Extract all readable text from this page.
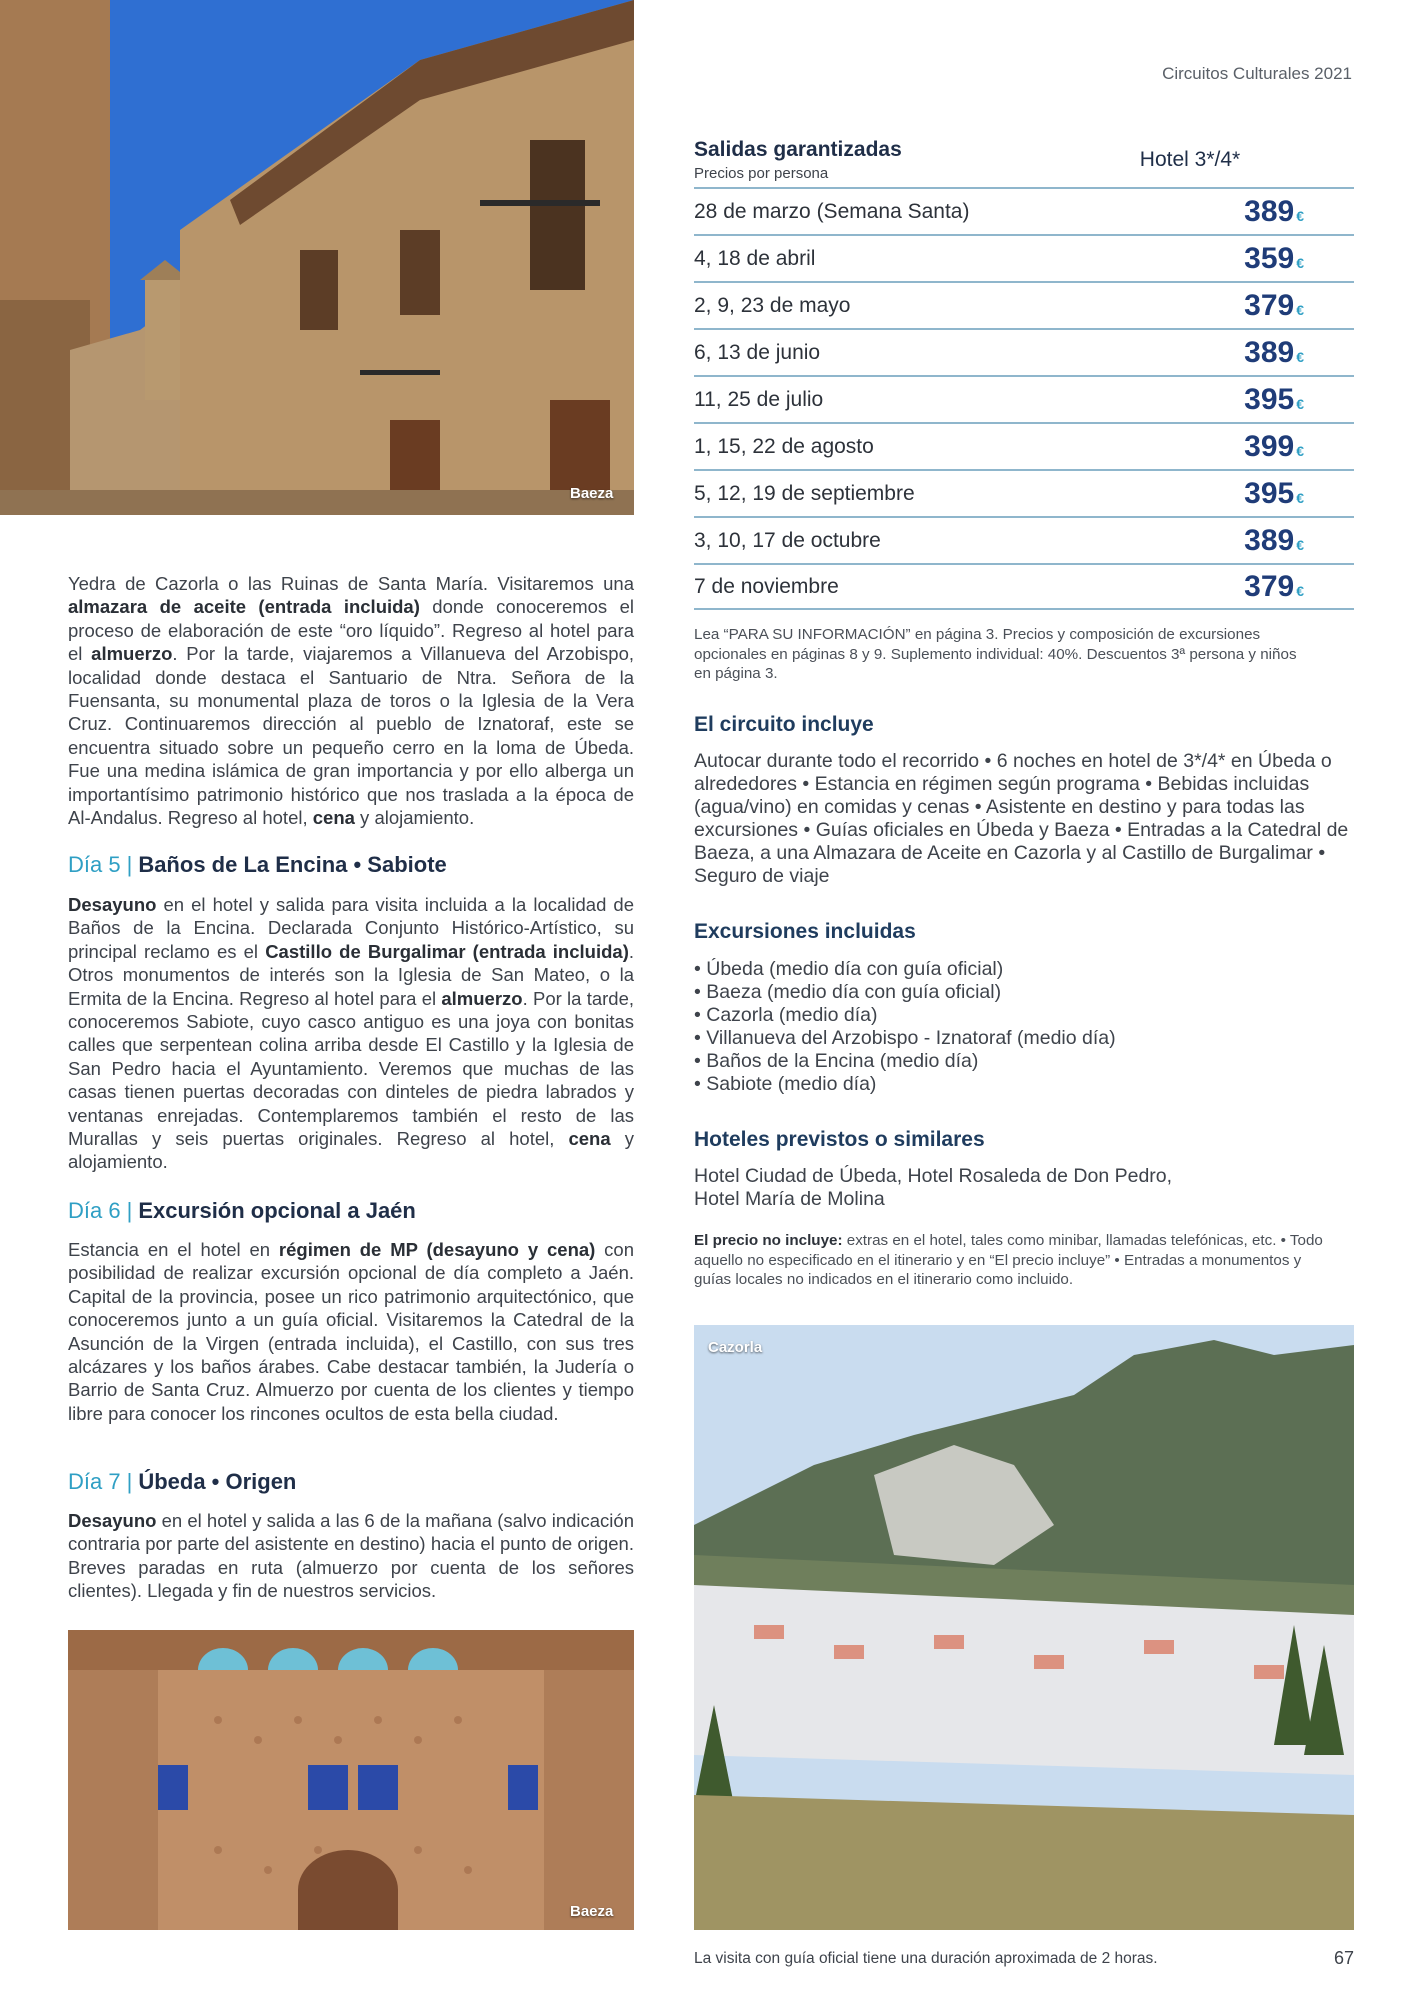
Circuitos Culturales 2021
Baeza
Yedra de Cazorla o las Ruinas de Santa María. Visitaremos una almazara de aceite (entrada incluida) donde conoceremos el proceso de elaboración de este “oro líquido”. Regreso al hotel para el almuerzo. Por la tarde, viajaremos a Villanueva del Arzobispo, localidad donde destaca el Santuario de Ntra. Señora de la Fuensanta, su monumental plaza de toros o la Iglesia de la Vera Cruz. Continuaremos dirección al pueblo de Iznatoraf, este se encuentra situado sobre un pequeño cerro en la loma de Úbeda. Fue una medina islámica de gran importancia y por ello alberga un importantísimo patrimonio histórico que nos traslada a la época de Al-Andalus. Regreso al hotel, cena y alojamiento.
Día 5 | Baños de La Encina • Sabiote
Desayuno en el hotel y salida para visita incluida a la localidad de Baños de la Encina. Declarada Conjunto Histórico-Artístico, su principal reclamo es el Castillo de Burgalimar (entrada incluida). Otros monumentos de interés son la Iglesia de San Mateo, o la Ermita de la Encina. Regreso al hotel para el almuerzo. Por la tarde, conoceremos Sabiote, cuyo casco antiguo es una joya con bonitas calles que serpentean colina arriba desde El Castillo y la Iglesia de San Pedro hacia el Ayuntamiento. Veremos que muchas de las casas tienen puertas decoradas con dinteles de piedra labrados y ventanas enrejadas. Contemplaremos también el resto de las Murallas y seis puertas originales. Regreso al hotel, cena y alojamiento.
Día 6 | Excursión opcional a Jaén
Estancia en el hotel en régimen de MP (desayuno y cena) con posibilidad de realizar excursión opcional de día completo a Jaén. Capital de la provincia, posee un rico patrimonio arquitectónico, que conoceremos junto a un guía oficial. Visitaremos la Catedral de la Asunción de la Virgen (entrada incluida), el Castillo, con sus tres alcázares y los baños árabes. Cabe destacar también, la Judería o Barrio de Santa Cruz. Almuerzo por cuenta de los clientes y tiempo libre para conocer los rincones ocultos de esta bella ciudad.
Día 7 | Úbeda • Origen
Desayuno en el hotel y salida a las 6 de la mañana (salvo indicación contraria por parte del asistente en destino) hacia el punto de origen. Breves paradas en ruta (almuerzo por cuenta de los señores clientes). Llegada y fin de nuestros servicios.
Baeza
Salidas garantizadas
Precios por persona
Hotel 3*/4*
28 de marzo (Semana Santa)	389 €
4, 18 de abril	359 €
2, 9, 23 de mayo	379 €
6, 13 de junio	389 €
11, 25 de julio	395 €
1, 15, 22 de agosto	399 €
5, 12, 19 de septiembre	395 €
3, 10, 17 de octubre	389 €
7 de noviembre	379 €
Lea “PARA SU INFORMACIÓN” en página 3. Precios y composición de excursiones opcionales en páginas 8 y 9. Suplemento individual: 40%. Descuentos 3ª persona y niños en página 3.
El circuito incluye
Autocar durante todo el recorrido • 6 noches en hotel de 3*/4* en Úbeda o alrededores • Estancia en régimen según programa • Bebidas incluidas (agua/vino) en comidas y cenas • Asistente en destino y para todas las excursiones • Guías oficiales en Úbeda y Baeza • Entradas a la Catedral de Baeza, a una Almazara de Aceite en Cazorla y al Castillo de Burgalimar • Seguro de viaje
Excursiones incluidas
• Úbeda (medio día con guía oficial)
• Baeza (medio día con guía oficial)
• Cazorla (medio día)
• Villanueva del Arzobispo - Iznatoraf (medio día)
• Baños de la Encina (medio día)
• Sabiote (medio día)
Hoteles previstos o similares
Hotel Ciudad de Úbeda, Hotel Rosaleda de Don Pedro, Hotel María de Molina
El precio no incluye: extras en el hotel, tales como minibar, llamadas telefónicas, etc. • Todo aquello no especificado en el itinerario y en “El precio incluye” • Entradas a monumentos y guías locales no indicados en el itinerario como incluido.
Cazorla
La visita con guía oficial tiene una duración aproximada de 2 horas.	67
